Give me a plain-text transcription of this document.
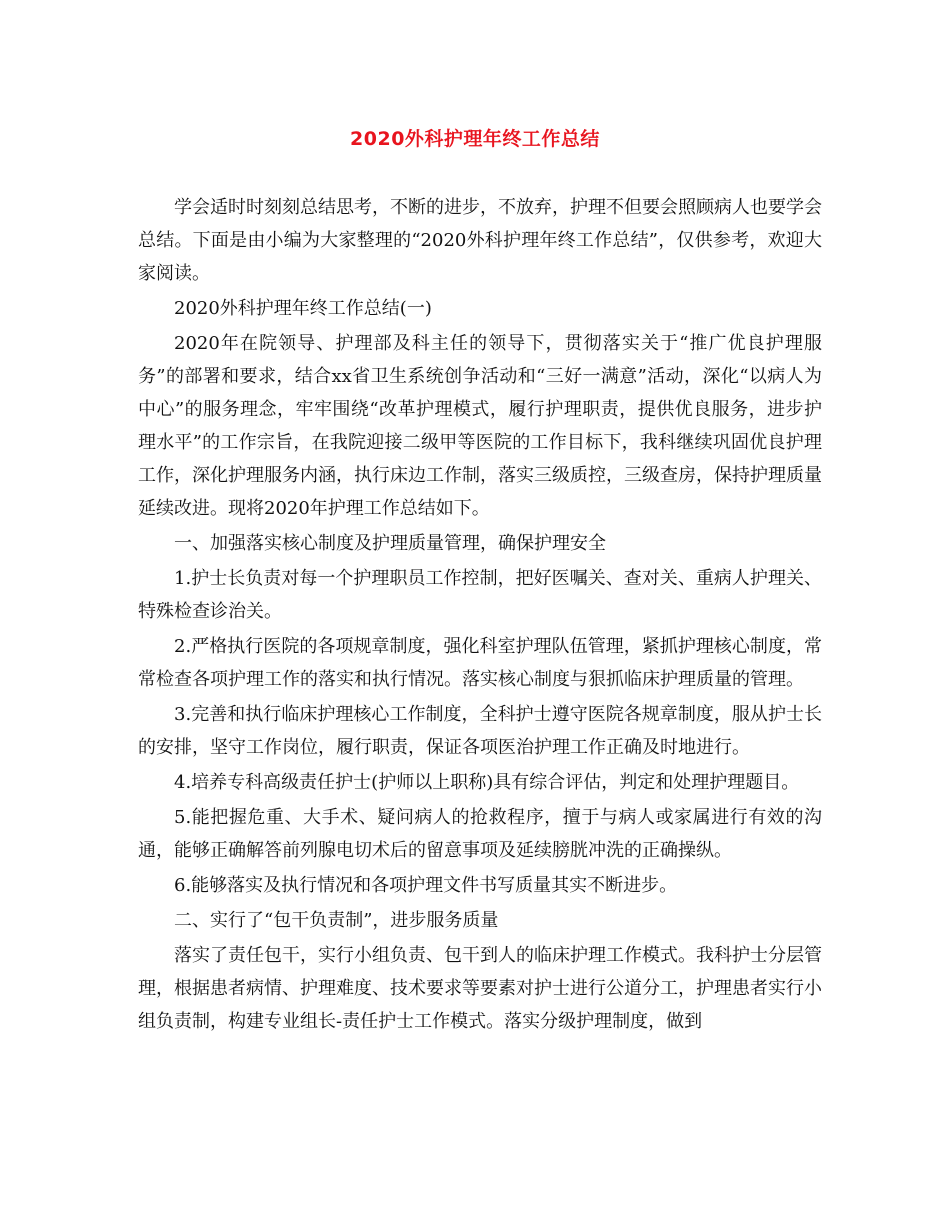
2020外科护理年终工作总结

学会适时时刻刻总结思考，不断的进步，不放弃，护理不但要会照顾病人也要学会总结。下面是由小编为大家整理的“2020外科护理年终工作总结”，仅供参考，欢迎大家阅读。

2020外科护理年终工作总结(一)

2020年在院领导、护理部及科主任的领导下，贯彻落实关于“推广优良护理服务”的部署和要求，结合xx省卫生系统创争活动和“三好一满意”活动，深化“以病人为中心”的服务理念，牢牢围绕“改革护理模式，履行护理职责，提供优良服务，进步护理水平”的工作宗旨，在我院迎接二级甲等医院的工作目标下，我科继续巩固优良护理工作，深化护理服务内涵，执行床边工作制，落实三级质控，三级查房，保持护理质量延续改进。现将2020年护理工作总结如下。

一、加强落实核心制度及护理质量管理，确保护理安全

1.护士长负责对每一个护理职员工作控制，把好医嘱关、查对关、重病人护理关、特殊检查诊治关。

2.严格执行医院的各项规章制度，强化科室护理队伍管理，紧抓护理核心制度，常常检查各项护理工作的落实和执行情况。落实核心制度与狠抓临床护理质量的管理。

3.完善和执行临床护理核心工作制度，全科护士遵守医院各规章制度，服从护士长的安排，坚守工作岗位，履行职责，保证各项医治护理工作正确及时地进行。

4.培养专科高级责任护士(护师以上职称)具有综合评估，判定和处理护理题目。

5.能把握危重、大手术、疑问病人的抢救程序，擅于与病人或家属进行有效的沟通，能够正确解答前列腺电切术后的留意事项及延续膀胱冲洗的正确操纵。

6.能够落实及执行情况和各项护理文件书写质量其实不断进步。

二、实行了“包干负责制”，进步服务质量

落实了责任包干，实行小组负责、包干到人的临床护理工作模式。我科护士分层管理，根据患者病情、护理难度、技术要求等要素对护士进行公道分工，护理患者实行小组负责制，构建专业组长-责任护士工作模式。落实分级护理制度，做到
